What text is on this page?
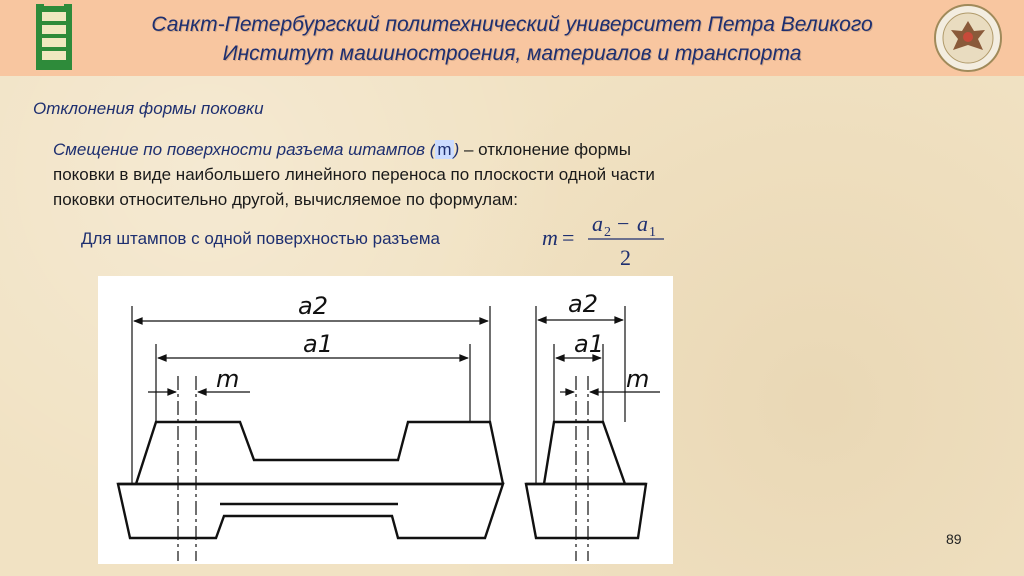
Санкт-Петербургский политехнический университет Петра Великого
Институт машиностроения, материалов и транспорта
Отклонения формы поковки
Смещение по поверхности разъема штампов ( m ) – отклонение формы
поковки в виде наибольшего линейного переноса по плоскости одной части поковки относительно другой, вычисляемое по формулам:
Для штампов с одной поверхностью разъема	m =
a 2 − a 1
2
a2
a1
m
a2
a1
m
89
